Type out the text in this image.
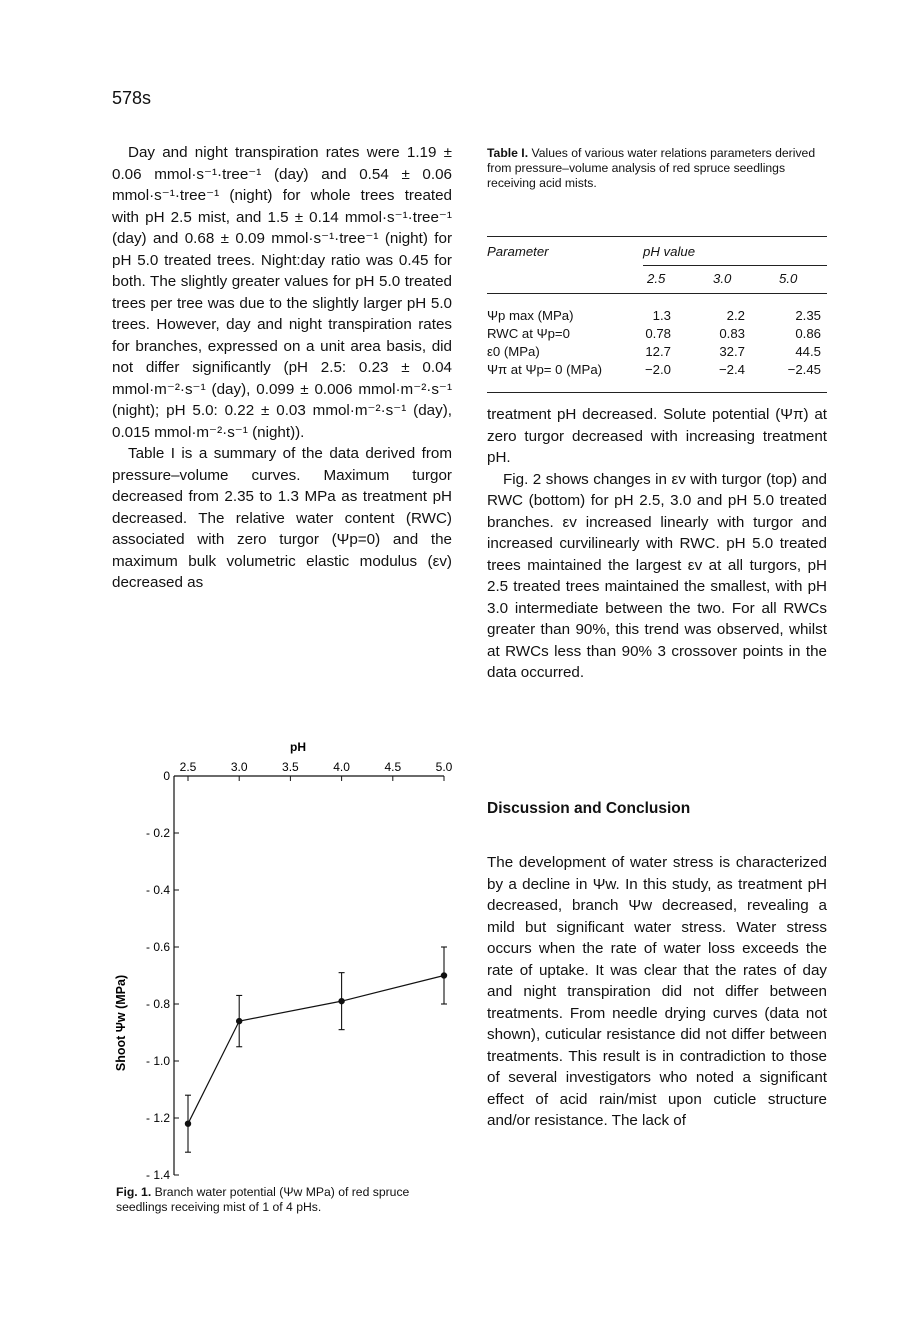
578s

Day and night transpiration rates were 1.19 ± 0.06 mmol·s⁻¹·tree⁻¹ (day) and 0.54 ± 0.06 mmol·s⁻¹·tree⁻¹ (night) for whole trees treated with pH 2.5 mist, and 1.5 ± 0.14 mmol·s⁻¹·tree⁻¹ (day) and 0.68 ± 0.09 mmol·s⁻¹·tree⁻¹ (night) for pH 5.0 treated trees. Night:day ratio was 0.45 for both. The slightly greater values for pH 5.0 treated trees per tree was due to the slightly larger pH 5.0 trees. However, day and night transpiration rates for branches, expressed on a unit area basis, did not differ significantly (pH 2.5: 0.23 ± 0.04 mmol·m⁻²·s⁻¹ (day), 0.099 ± 0.006 mmol·m⁻²·s⁻¹ (night); pH 5.0: 0.22 ± 0.03 mmol·m⁻²·s⁻¹ (day), 0.015 mmol·m⁻²·s⁻¹ (night)).

Table I is a summary of the data derived from pressure–volume curves. Maximum turgor decreased from 2.35 to 1.3 MPa as treatment pH decreased. The relative water content (RWC) associated with zero turgor (Ψp=0) and the maximum bulk volumetric elastic modulus (εv) decreased as

Table I. Values of various water relations parameters derived from pressure–volume analysis of red spruce seedlings receiving acid mists.
Parameter	pH value
2.5	3.0	5.0
Ψp max (MPa)	1.3	2.2	2.35
RWC at Ψp=0	0.78	0.83	0.86
ε0 (MPa)	12.7	32.7	44.5
Ψπ at Ψp= 0 (MPa)	−2.0	−2.4	−2.45

treatment pH decreased. Solute potential (Ψπ) at zero turgor decreased with increasing treatment pH.

Fig. 2 shows changes in εv with turgor (top) and RWC (bottom) for pH 2.5, 3.0 and pH 5.0 treated branches. εv increased linearly with turgor and increased curvilinearly with RWC. pH 5.0 treated trees maintained the largest εv at all turgors, pH 2.5 treated trees maintained the smallest, with pH 3.0 intermediate between the two. For all RWCs greater than 90%, this trend was observed, whilst at RWCs less than 90% 3 crossover points in the data occurred.

Discussion and Conclusion

The development of water stress is characterized by a decline in Ψw. In this study, as treatment pH decreased, branch Ψw decreased, revealing a mild but significant water stress. Water stress occurs when the rate of water loss exceeds the rate of uptake. It was clear that the rates of day and night transpiration did not differ between treatments. From needle drying curves (data not shown), cuticular resistance did not differ between treatments. This result is in contradiction to those of several investigators who noted a significant effect of acid rain/mist upon cuticle structure and/or resistance. The lack of

pH
Shoot Ψw (MPa)
2.5	3.0	3.5	4.0	4.5	5.0
0
- 0.2
- 0.4
- 0.6
- 0.8
- 1.0
- 1.2
- 1.4
Fig. 1. Branch water potential (Ψw MPa) of red spruce seedlings receiving mist of 1 of 4 pHs.
